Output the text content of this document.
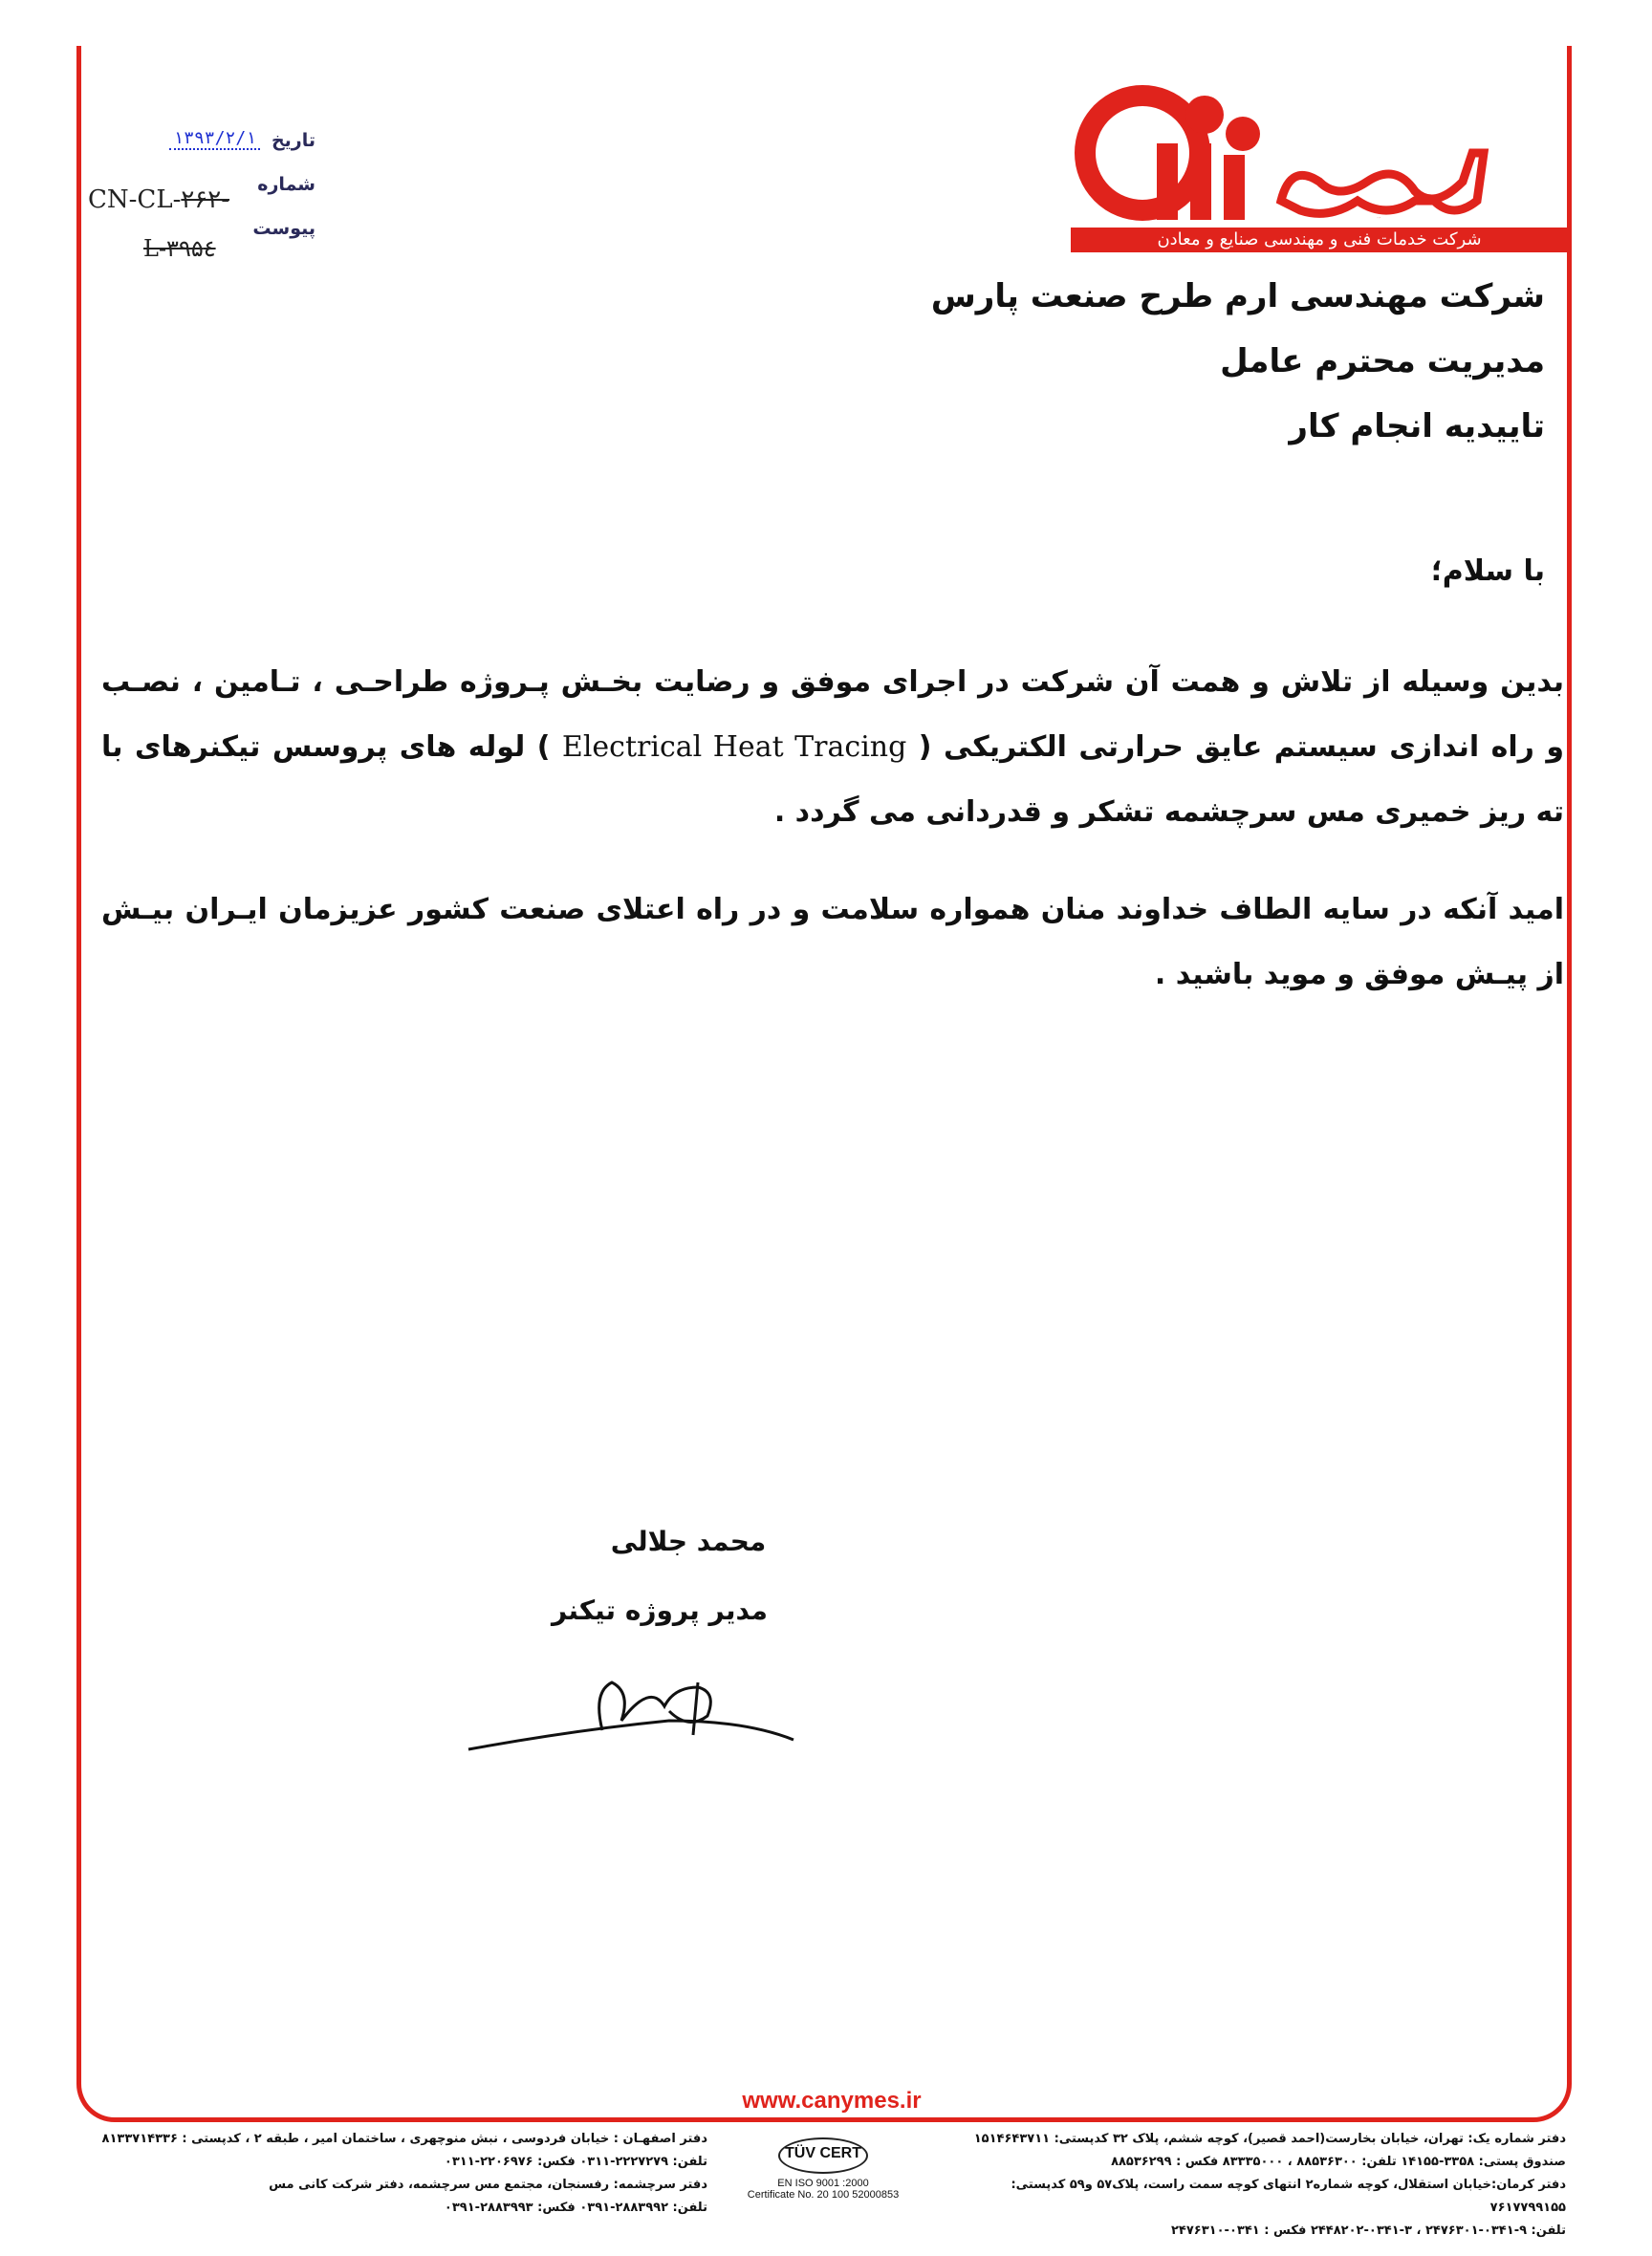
کانی مس
شرکت خدمات فنی و مهندسی صنایع و معادن
تاریخ
۱۳۹۳/۲/۱
شماره
پیوست
CN-CL-۲۶۲-
L-۳۹۵٤
شرکت مهندسی ارم طرح صنعت پارس
مدیریت محترم عامل
تاییدیه انجام کار
با سلام؛

بدین وسیله از تلاش و همت آن شرکت در اجرای موفق و رضایت بخـش پـروژه طراحـی ، تـامین ، نصـب و راه اندازی سیستم عایق حرارتی الکتریکی ( Electrical Heat Tracing ) لوله های پروسس تیکنرهای با ته ریز خمیری مس سرچشمه تشکر و قدردانی می گردد .

امید آنکه در سایه الطاف خداوند منان همواره سلامت و در راه اعتلای صنعت کشور عزیزمان ایـران بیـش از پیـش موفق و موید باشید .

محمد جلالی
مدیر پروژه تیکنر
www.canymes.ir
دفتر شماره یک: تهران، خیابان بخارست(احمد قصیر)، کوچه ششم، پلاک ۳۲ کدپستی: ۱۵۱۴۶۴۳۷۱۱
صندوق پستی: ۳۳۵۸-۱۴۱۵۵ تلفن: ۸۸۵۳۶۳۰۰ ، ۸۳۳۳۵۰۰۰ فکس : ۸۸۵۳۶۲۹۹
دفتر کرمان:خیابان استقلال، کوچه شماره۲ انتهای کوچه سمت راست، پلاک۵۷ و۵۹ کدپستی: ۷۶۱۷۷۹۹۱۵۵
تلفن: ۹-۰۳۴۱-۲۴۷۶۳۰۱ ، ۳-۰۳۴۱-۲۴۴۸۲۰۲ فکس : ۰۳۴۱-۲۴۷۶۳۱۰
دفتر اصفهـان : خیابان فردوسی ، نبش منوچهری ، ساختمان امیر ، طبقه ۲ ، کدپستی : ۸۱۳۳۷۱۴۳۳۶
تلفن: ۲۲۲۷۲۷۹-۰۳۱۱ فکس: ۲۲۰۶۹۷۶-۰۳۱۱
دفتر سرچشمه: رفسنجان، مجتمع مس سرچشمه، دفتر شرکت کانی مس
تلفن: ۲۸۸۳۹۹۲-۰۳۹۱ فکس: ۲۸۸۳۹۹۳-۰۳۹۱
TÜV CERT
EN ISO 9001 :2000
Certificate No. 20 100 52000853
